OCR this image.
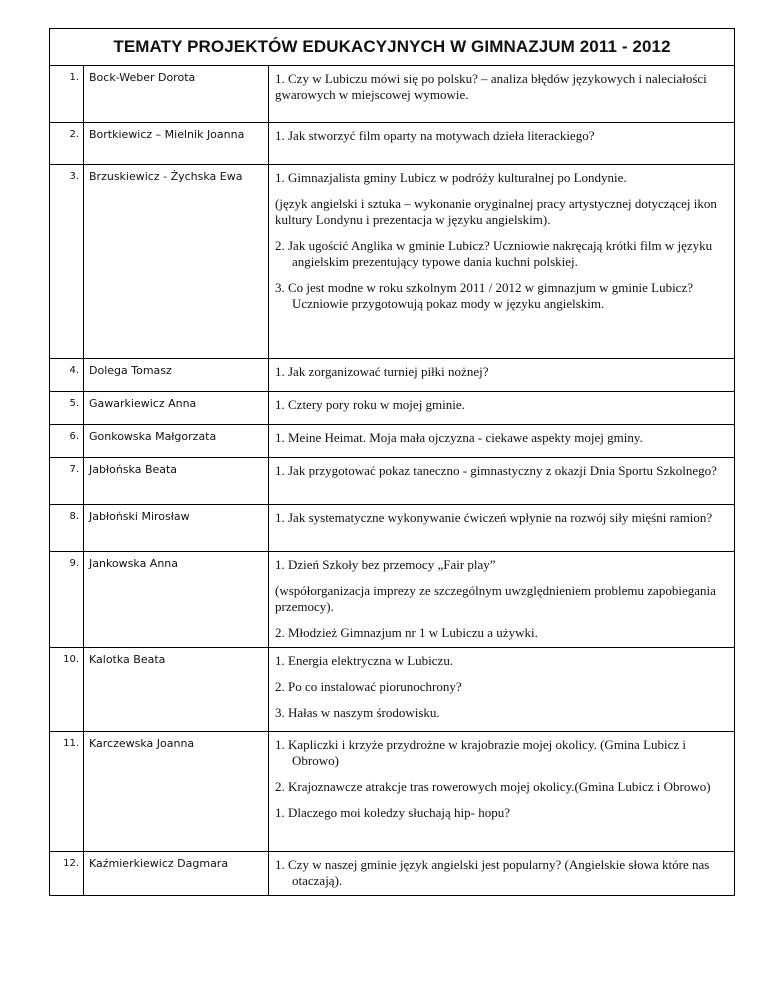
TEMATY PROJEKTÓW EDUKACYJNYCH W GIMNAZJUM 2011 - 2012		
1.	Bock-Weber Dorota	1. Czy w Lubiczu mówi się po polsku? – analiza błędów językowych i naleciałości gwarowych w miejscowej wymowie.

2.	Bortkiewicz – Mielnik Joanna	1. Jak stworzyć film oparty na motywach dzieła literackiego?

3.	Brzuskiewicz - Żychska Ewa	1. Gimnazjalista gminy Lubicz w podróży kulturalnej po Londynie.
(język angielski i sztuka – wykonanie oryginalnej pracy artystycznej dotyczącej ikon kultury Londynu i prezentacja w języku angielskim).
2. Jak ugościć Anglika w gminie Lubicz? Uczniowie nakręcają krótki film w języku angielskim prezentujący typowe dania kuchni polskiej.
3. Co jest modne w roku szkolnym 2011 / 2012 w gimnazjum w gminie Lubicz? Uczniowie przygotowują pokaz mody w języku angielskim.

4.	Dolega Tomasz	1. Jak zorganizować turniej piłki nożnej?

5.	Gawarkiewicz Anna	1. Cztery pory roku w mojej gminie.

6.	Gonkowska Małgorzata	1. Meine Heimat. Moja mała ojczyzna - ciekawe aspekty mojej gminy.

7.	Jabłońska Beata	1. Jak przygotować pokaz taneczno - gimnastyczny z okazji Dnia Sportu Szkolnego?

8.	Jabłoński Mirosław	1. Jak systematyczne wykonywanie ćwiczeń wpłynie na rozwój siły mięśni ramion?

9.	Jankowska Anna	1. Dzień Szkoły bez przemocy „Fair play”
(współorganizacja imprezy ze szczególnym uwzględnieniem problemu zapobiegania przemocy).
2. Młodzież Gimnazjum nr 1 w Lubiczu a używki.

10.	Kalotka Beata	1. Energia elektryczna w Lubiczu.
2. Po co instalować piorunochrony?
3. Hałas w naszym środowisku.

11.	Karczewska Joanna	1. Kapliczki i krzyże przydrożne w krajobrazie mojej okolicy. (Gmina Lubicz i Obrowo)
2. Krajoznawcze atrakcje tras rowerowych mojej okolicy.(Gmina Lubicz i Obrowo)
1. Dlaczego moi koledzy słuchają hip- hopu?

12.	Kaźmierkiewicz Dagmara	1. Czy w naszej gminie język angielski jest popularny? (Angielskie słowa które nas otaczają).
